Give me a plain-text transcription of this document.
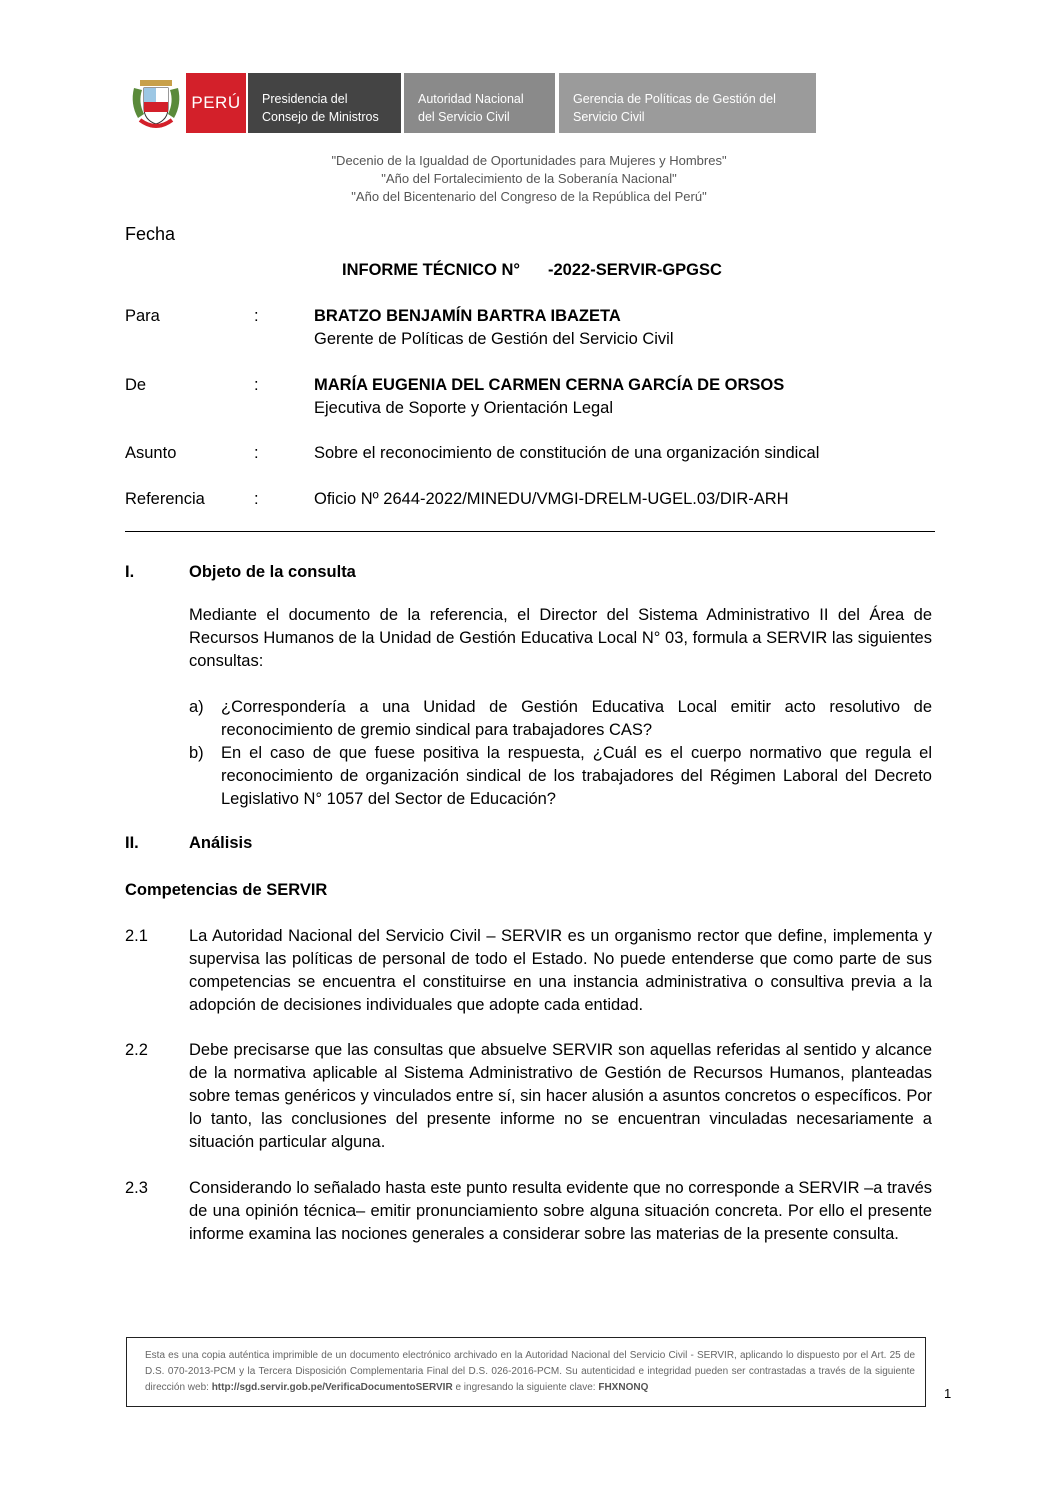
PERÚ Presidencia del
Consejo de Ministros
Autoridad Nacional
del Servicio Civil
Gerencia de Políticas de Gestión del
Servicio Civil
"Decenio de la Igualdad de Oportunidades para Mujeres y Hombres"
"Año del Fortalecimiento de la Soberanía Nacional"
"Año del Bicentenario del Congreso de la República del Perú"
Fecha
INFORME TÉCNICO N° -2022-SERVIR-GPGSC
Para	:	BRATZO BENJAMÍN BARTRA IBAZETA
Gerente de Políticas de Gestión del Servicio Civil
De	:	MARÍA EUGENIA DEL CARMEN CERNA GARCÍA DE ORSOS
Ejecutiva de Soporte y Orientación Legal
Asunto	:	Sobre el reconocimiento de constitución de una organización sindical
Referencia	:	Oficio Nº 2644-2022/MINEDU/VMGI-DRELM-UGEL.03/DIR-ARH
I.	Objeto de la consulta
Mediante el documento de la referencia, el Director del Sistema Administrativo II del Área de Recursos Humanos de la Unidad de Gestión Educativa Local N° 03, formula a SERVIR las siguientes consultas:
a) ¿Correspondería a una Unidad de Gestión Educativa Local emitir acto resolutivo de reconocimiento de gremio sindical para trabajadores CAS?
b) En el caso de que fuese positiva la respuesta, ¿Cuál es el cuerpo normativo que regula el reconocimiento de organización sindical de los trabajadores del Régimen Laboral del Decreto Legislativo N° 1057 del Sector de Educación?
II.	Análisis
Competencias de SERVIR
2.1 La Autoridad Nacional del Servicio Civil – SERVIR es un organismo rector que define, implementa y supervisa las políticas de personal de todo el Estado. No puede entenderse que como parte de sus competencias se encuentra el constituirse en una instancia administrativa o consultiva previa a la adopción de decisiones individuales que adopte cada entidad.
2.2 Debe precisarse que las consultas que absuelve SERVIR son aquellas referidas al sentido y alcance de la normativa aplicable al Sistema Administrativo de Gestión de Recursos Humanos, planteadas sobre temas genéricos y vinculados entre sí, sin hacer alusión a asuntos concretos o específicos. Por lo tanto, las conclusiones del presente informe no se encuentran vinculadas necesariamente a situación particular alguna.
2.3 Considerando lo señalado hasta este punto resulta evidente que no corresponde a SERVIR –a través de una opinión técnica– emitir pronunciamiento sobre alguna situación concreta. Por ello el presente informe examina las nociones generales a considerar sobre las materias de la presente consulta.
Esta es una copia auténtica imprimible de un documento electrónico archivado en la Autoridad Nacional del Servicio Civil - SERVIR, aplicando lo dispuesto por el Art. 25 de D.S. 070-2013-PCM y la Tercera Disposición Complementaria Final del D.S. 026-2016-PCM. Su autenticidad e integridad pueden ser contrastadas a través de la siguiente dirección web: http://sgd.servir.gob.pe/VerificaDocumentoSERVIR e ingresando la siguiente clave: FHXNONQ	1
